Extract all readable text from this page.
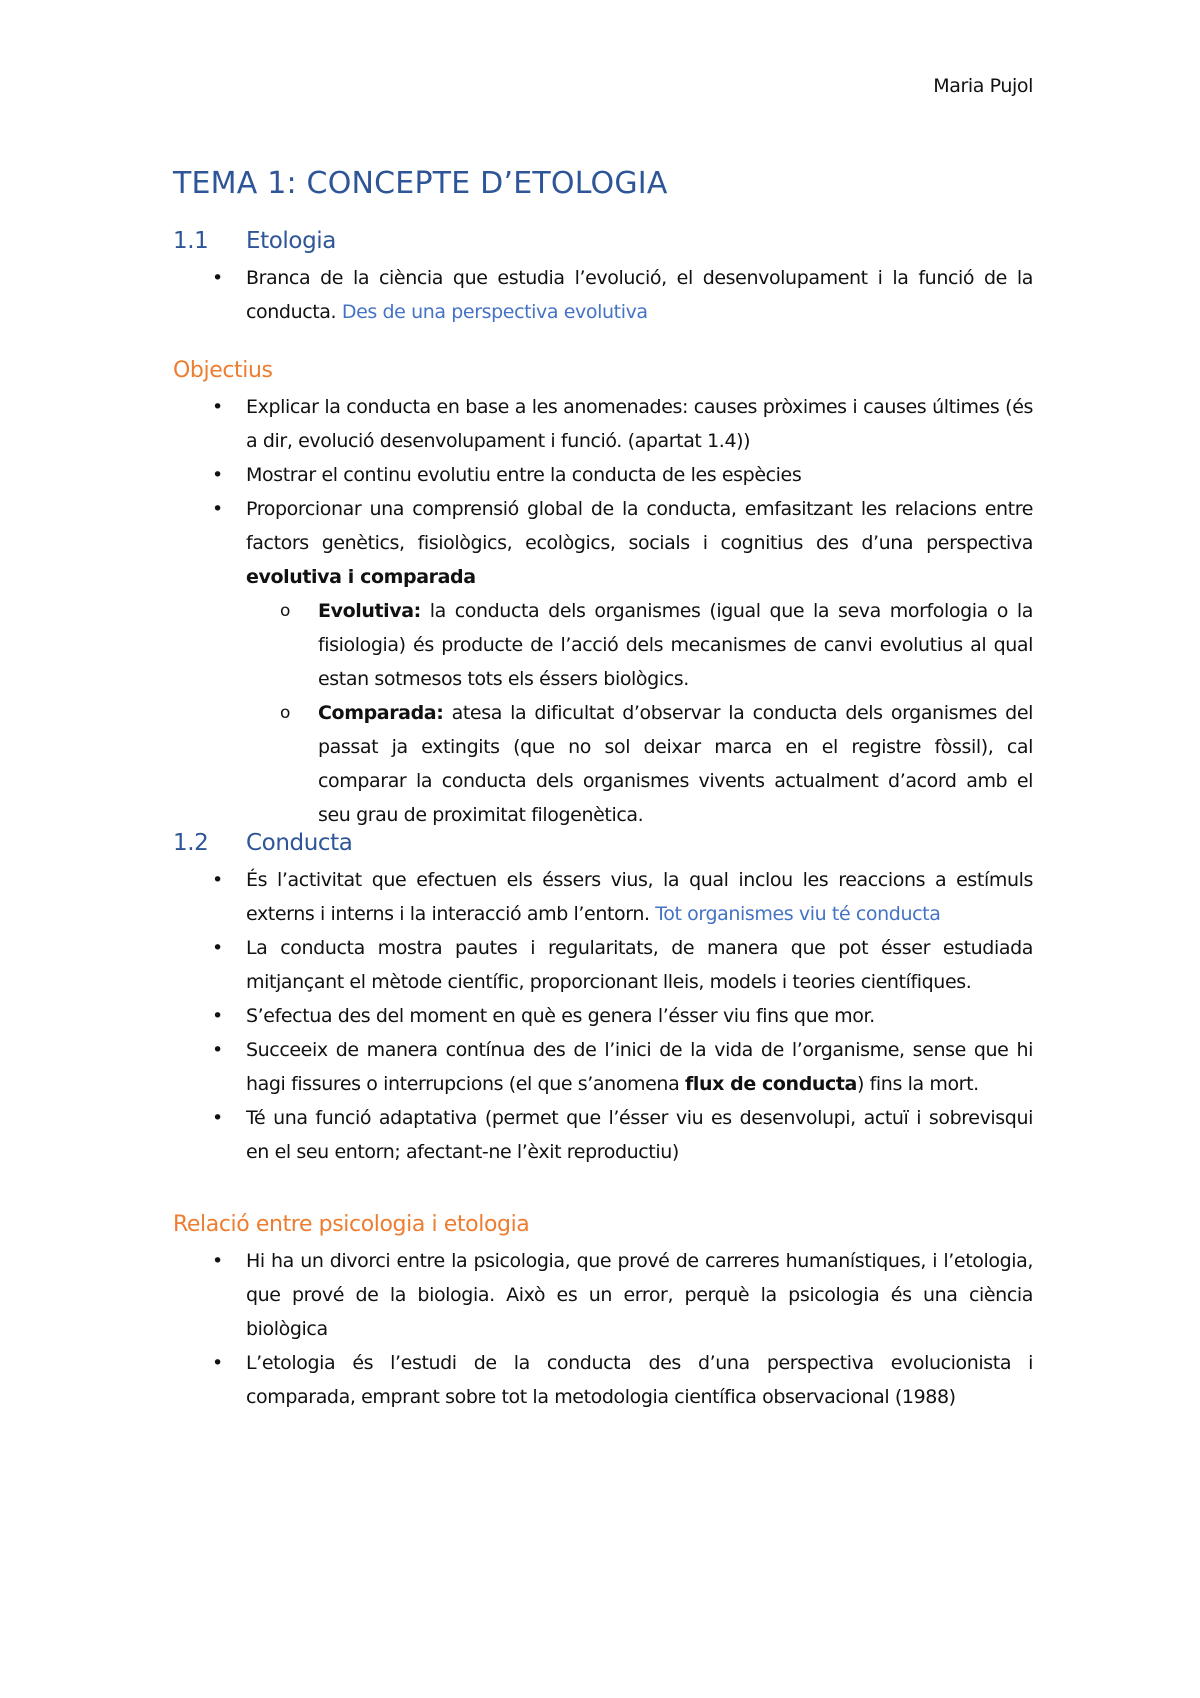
Maria Pujol
TEMA 1: CONCEPTE D’ETOLOGIA
1.1 Etologia
• Branca de la ciència que estudia l’evolució, el desenvolupament i la funció de la conducta. Des de una perspectiva evolutiva
Objectius
• Explicar la conducta en base a les anomenades: causes pròximes i causes últimes (és a dir, evolució desenvolupament i funció. (apartat 1.4))
• Mostrar el continu evolutiu entre la conducta de les espècies
• Proporcionar una comprensió global de la conducta, emfasitzant les relacions entre factors genètics, fisiològics, ecològics, socials i cognitius des d’una perspectiva evolutiva i comparada
o Evolutiva: la conducta dels organismes (igual que la seva morfologia o la fisiologia) és producte de l’acció dels mecanismes de canvi evolutius al qual estan sotmesos tots els éssers biològics.
o Comparada: atesa la dificultat d’observar la conducta dels organismes del passat ja extingits (que no sol deixar marca en el registre fòssil), cal comparar la conducta dels organismes vivents actualment d’acord amb el seu grau de proximitat filogenètica.
1.2 Conducta
• És l’activitat que efectuen els éssers vius, la qual inclou les reaccions a estímuls externs i interns i la interacció amb l’entorn. Tot organismes viu té conducta
• La conducta mostra pautes i regularitats, de manera que pot ésser estudiada mitjançant el mètode científic, proporcionant lleis, models i teories científiques.
• S’efectua des del moment en què es genera l’ésser viu fins que mor.
• Succeeix de manera contínua des de l’inici de la vida de l’organisme, sense que hi hagi fissures o interrupcions (el que s’anomena flux de conducta) fins la mort.
• Té una funció adaptativa (permet que l’ésser viu es desenvolupi, actuï i sobrevisqui en el seu entorn; afectant-ne l’èxit reproductiu)
Relació entre psicologia i etologia
• Hi ha un divorci entre la psicologia, que prové de carreres humanístiques, i l’etologia, que prové de la biologia. Això es un error, perquè la psicologia és una ciència biològica
• L’etologia és l’estudi de la conducta des d’una perspectiva evolucionista i comparada, emprant sobre tot la metodologia científica observacional (1988)
